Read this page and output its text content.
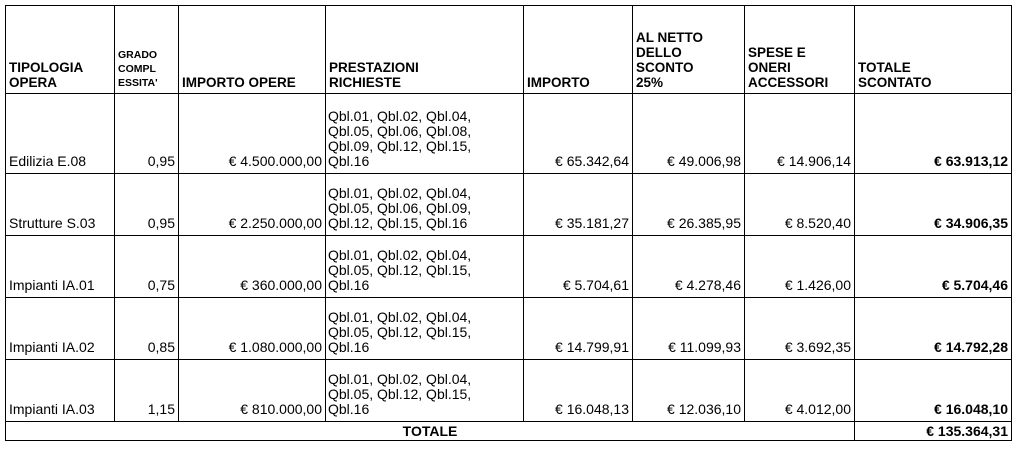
TIPOLOGIA
OPERA	GRADO
COMPL
ESSITA'	IMPORTO OPERE	PRESTAZIONI
RICHIESTE	IMPORTO	AL NETTO
DELLO
SCONTO
25%	SPESE E
ONERI
ACCESSORI	TOTALE
SCONTATO
Edilizia E.08	0,95	€ 4.500.000,00	Qbl.01, Qbl.02, Qbl.04,
Qbl.05, Qbl.06, Qbl.08,
Qbl.09, Qbl.12, Qbl.15,
Qbl.16	€ 65.342,64	€ 49.006,98	€ 14.906,14	€ 63.913,12
Strutture S.03	0,95	€ 2.250.000,00	Qbl.01, Qbl.02, Qbl.04,
Qbl.05, Qbl.06, Qbl.09,
Qbl.12, Qbl.15, Qbl.16	€ 35.181,27	€ 26.385,95	€ 8.520,40	€ 34.906,35
Impianti IA.01	0,75	€ 360.000,00	Qbl.01, Qbl.02, Qbl.04,
Qbl.05, Qbl.12, Qbl.15,
Qbl.16	€ 5.704,61	€ 4.278,46	€ 1.426,00	€ 5.704,46
Impianti IA.02	0,85	€ 1.080.000,00	Qbl.01, Qbl.02, Qbl.04,
Qbl.05, Qbl.12, Qbl.15,
Qbl.16	€ 14.799,91	€ 11.099,93	€ 3.692,35	€ 14.792,28
Impianti IA.03	1,15	€ 810.000,00	Qbl.01, Qbl.02, Qbl.04,
Qbl.05, Qbl.12, Qbl.15,
Qbl.16	€ 16.048,13	€ 12.036,10	€ 4.012,00	€ 16.048,10
TOTALE							€ 135.364,31
